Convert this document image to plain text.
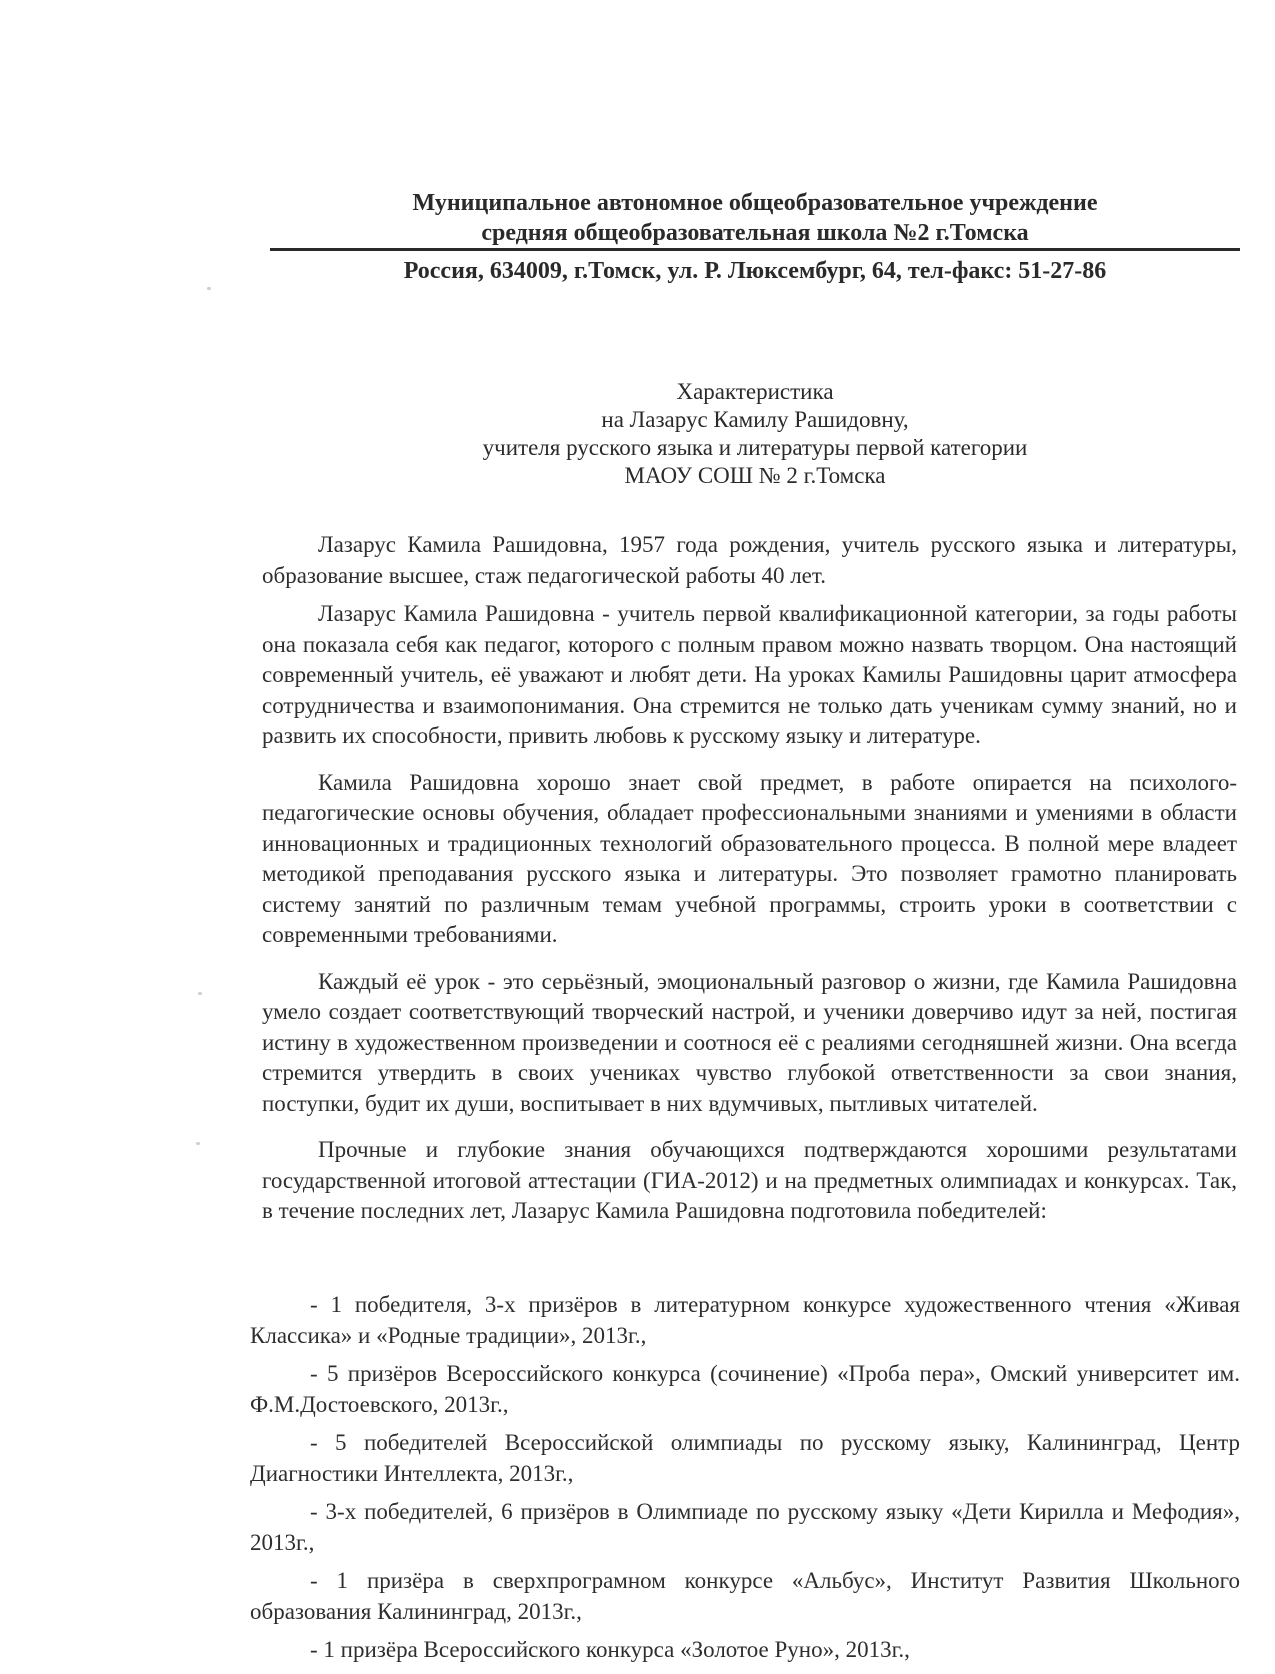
Муниципальное автономное общеобразовательное учреждение
средняя общеобразовательная школа №2 г.Томска
Россия, 634009, г.Томск, ул. Р. Люксембург, 64, тел-факс: 51-27-86
Характеристика
на Лазарус Камилу Рашидовну,
учителя русского языка и литературы первой категории
МАОУ СОШ № 2 г.Томска

Лазарус Камила Рашидовна, 1957 года рождения, учитель русского языка и литературы, образование высшее, стаж педагогической работы 40 лет.

Лазарус Камила Рашидовна - учитель первой квалификационной категории, за годы работы она показала себя как педагог, которого с полным правом можно назвать творцом. Она настоящий современный учитель, её уважают и любят дети. На уроках Камилы Рашидовны царит атмосфера сотрудничества и взаимопонимания. Она стремится не только дать ученикам сумму знаний, но и развить их способности, привить любовь к русскому языку и литературе.

Камила Рашидовна хорошо знает свой предмет, в работе опирается на психолого-педагогические основы обучения, обладает профессиональными знаниями и умениями в области инновационных и традиционных технологий образовательного процесса. В полной мере владеет методикой преподавания русского языка и литературы. Это позволяет грамотно планировать систему занятий по различным темам учебной программы, строить уроки в соответствии с современными требованиями.

Каждый её урок - это серьёзный, эмоциональный разговор о жизни, где Камила Рашидовна умело создает соответствующий творческий настрой, и ученики доверчиво идут за ней, постигая истину в художественном произведении и соотнося её с реалиями сегодняшней жизни. Она всегда стремится утвердить в своих учениках чувство глубокой ответственности за свои знания, поступки, будит их души, воспитывает в них вдумчивых, пытливых читателей.

Прочные и глубокие знания обучающихся подтверждаются хорошими результатами государственной итоговой аттестации (ГИА-2012) и на предметных олимпиадах и конкурсах. Так, в течение последних лет, Лазарус Камила Рашидовна подготовила победителей:

- 1 победителя, 3-х призёров в литературном конкурсе художественного чтения «Живая Классика» и «Родные традиции», 2013г.,

- 5 призёров Всероссийского конкурса (сочинение) «Проба пера», Омский университет им. Ф.М.Достоевского, 2013г.,

- 5 победителей Всероссийской олимпиады по русскому языку, Калининград, Центр Диагностики Интеллекта, 2013г.,

- 3-х победителей, 6 призёров в Олимпиаде по русскому языку «Дети Кирилла и Мефодия», 2013г.,

- 1 призёра в сверхпрограмном конкурсе «Альбус», Институт Развития Школьного образования Калининград, 2013г.,

- 1 призёра Всероссийского конкурса «Золотое Руно», 2013г.,
